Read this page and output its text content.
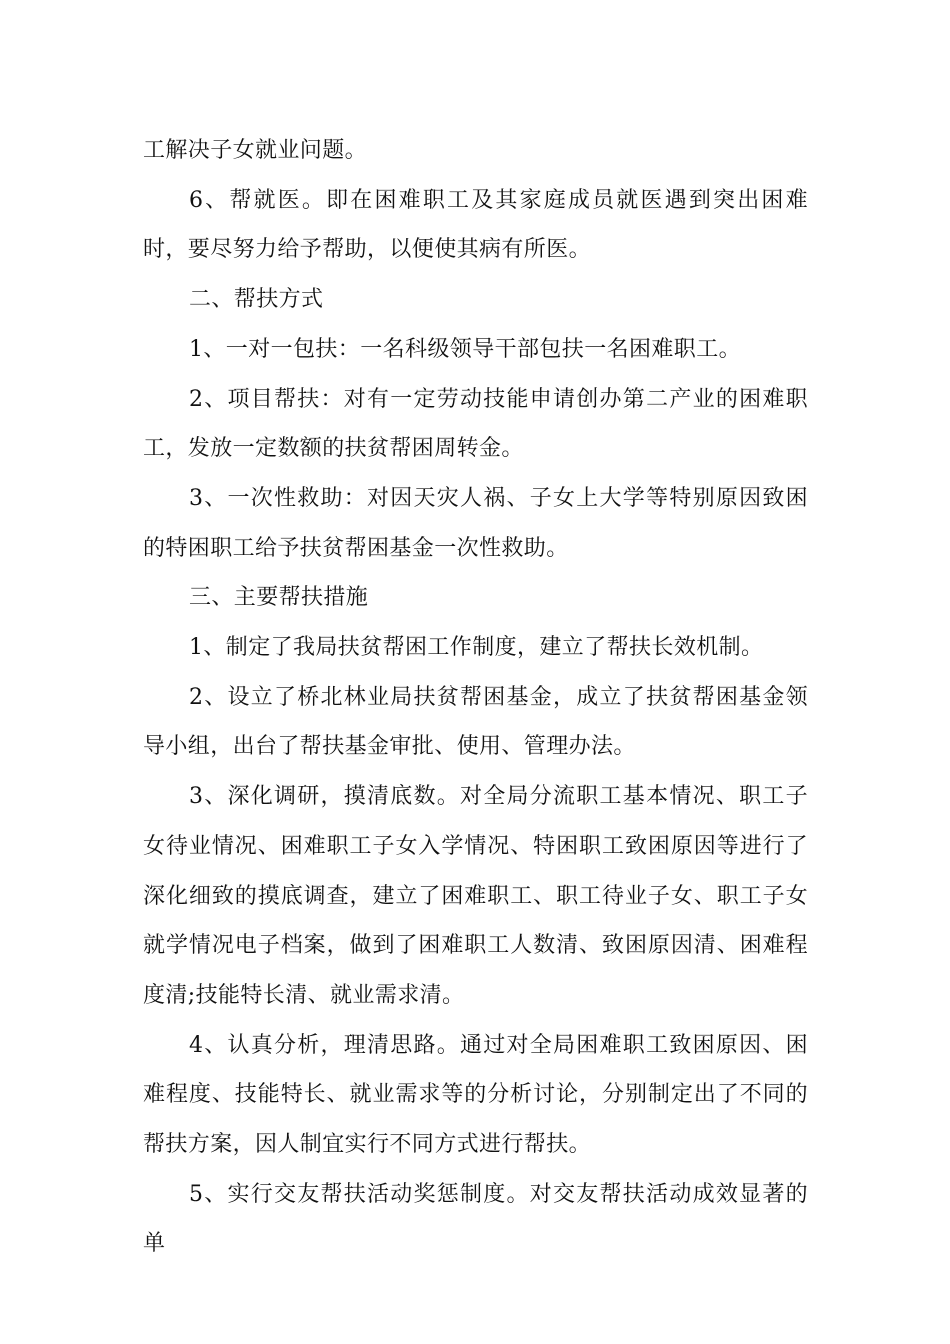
工解决子女就业问题。

6、帮就医。即在困难职工及其家庭成员就医遇到突出困难时，要尽努力给予帮助，以便使其病有所医。

二、帮扶方式

1、一对一包扶：一名科级领导干部包扶一名困难职工。

2、项目帮扶：对有一定劳动技能申请创办第二产业的困难职工，发放一定数额的扶贫帮困周转金。

3、一次性救助：对因天灾人祸、子女上大学等特别原因致困的特困职工给予扶贫帮困基金一次性救助。

三、主要帮扶措施

1、制定了我局扶贫帮困工作制度，建立了帮扶长效机制。

2、设立了桥北林业局扶贫帮困基金，成立了扶贫帮困基金领导小组，出台了帮扶基金审批、使用、管理办法。

3、深化调研，摸清底数。对全局分流职工基本情况、职工子女待业情况、困难职工子女入学情况、特困职工致困原因等进行了深化细致的摸底调查，建立了困难职工、职工待业子女、职工子女就学情况电子档案，做到了困难职工人数清、致困原因清、困难程度清;技能特长清、就业需求清。

4、认真分析，理清思路。通过对全局困难职工致困原因、困难程度、技能特长、就业需求等的分析讨论，分别制定出了不同的帮扶方案，因人制宜实行不同方式进行帮扶。

5、实行交友帮扶活动奖惩制度。对交友帮扶活动成效显著的单
